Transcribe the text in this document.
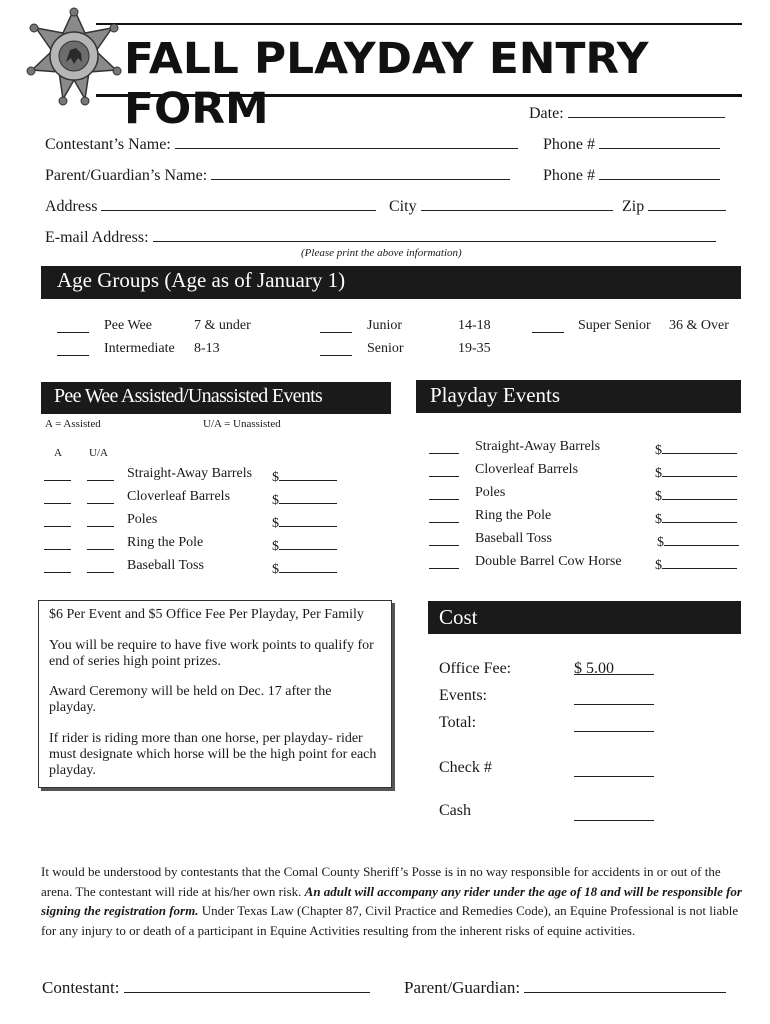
FALL PLAYDAY ENTRY FORM	Date:
Contestant’s Name:	Phone #
Parent/Guardian’s Name:	Phone #
Address	City	Zip
E-mail Address:
(Please print the above information)
Age Groups (Age as of January 1)
Pee Wee	7 & under
Intermediate 8-13
Junior	14-18
Senior	19-35
Super Senior 36 & Over
Pee Wee Assisted/Unassisted Events
A = Assisted	U/A = Unassisted
A U/A
Straight-Away Barrels $
Cloverleaf Barrels	$
Poles	$
Ring the Pole	$
Baseball Toss	$
Playday Events
Straight-Away Barrels	$
Cloverleaf Barrels	$
Poles	$
Ring the Pole	$
Baseball Toss	$
Double Barrel Cow Horse $

$6 Per Event and $5 Office Fee Per Playday, Per Family

You will be require to have five work points to qualify for end of series high point prizes.

Award Ceremony will be held on Dec. 17 after the playday.

If rider is riding more than one horse, per playday- rider must designate which horse will be the high point for each playday.

Cost
Office Fee:	$ 5.00
Events:
Total:
Check #
Cash
It would be understood by contestants that the Comal County Sheriff’s Posse is in no way responsible for accidents in or out of the arena. The contestant will ride at his/her own risk. An adult will accompany any rider under the age of 18 and will be responsible for signing the registration form. Under Texas Law (Chapter 87, Civil Practice and Remedies Code), an Equine Professional is not liable for any injury to or death of a participant in Equine Activities resulting from the inherent risks of equine activities.
Contestant:	Parent/Guardian:
